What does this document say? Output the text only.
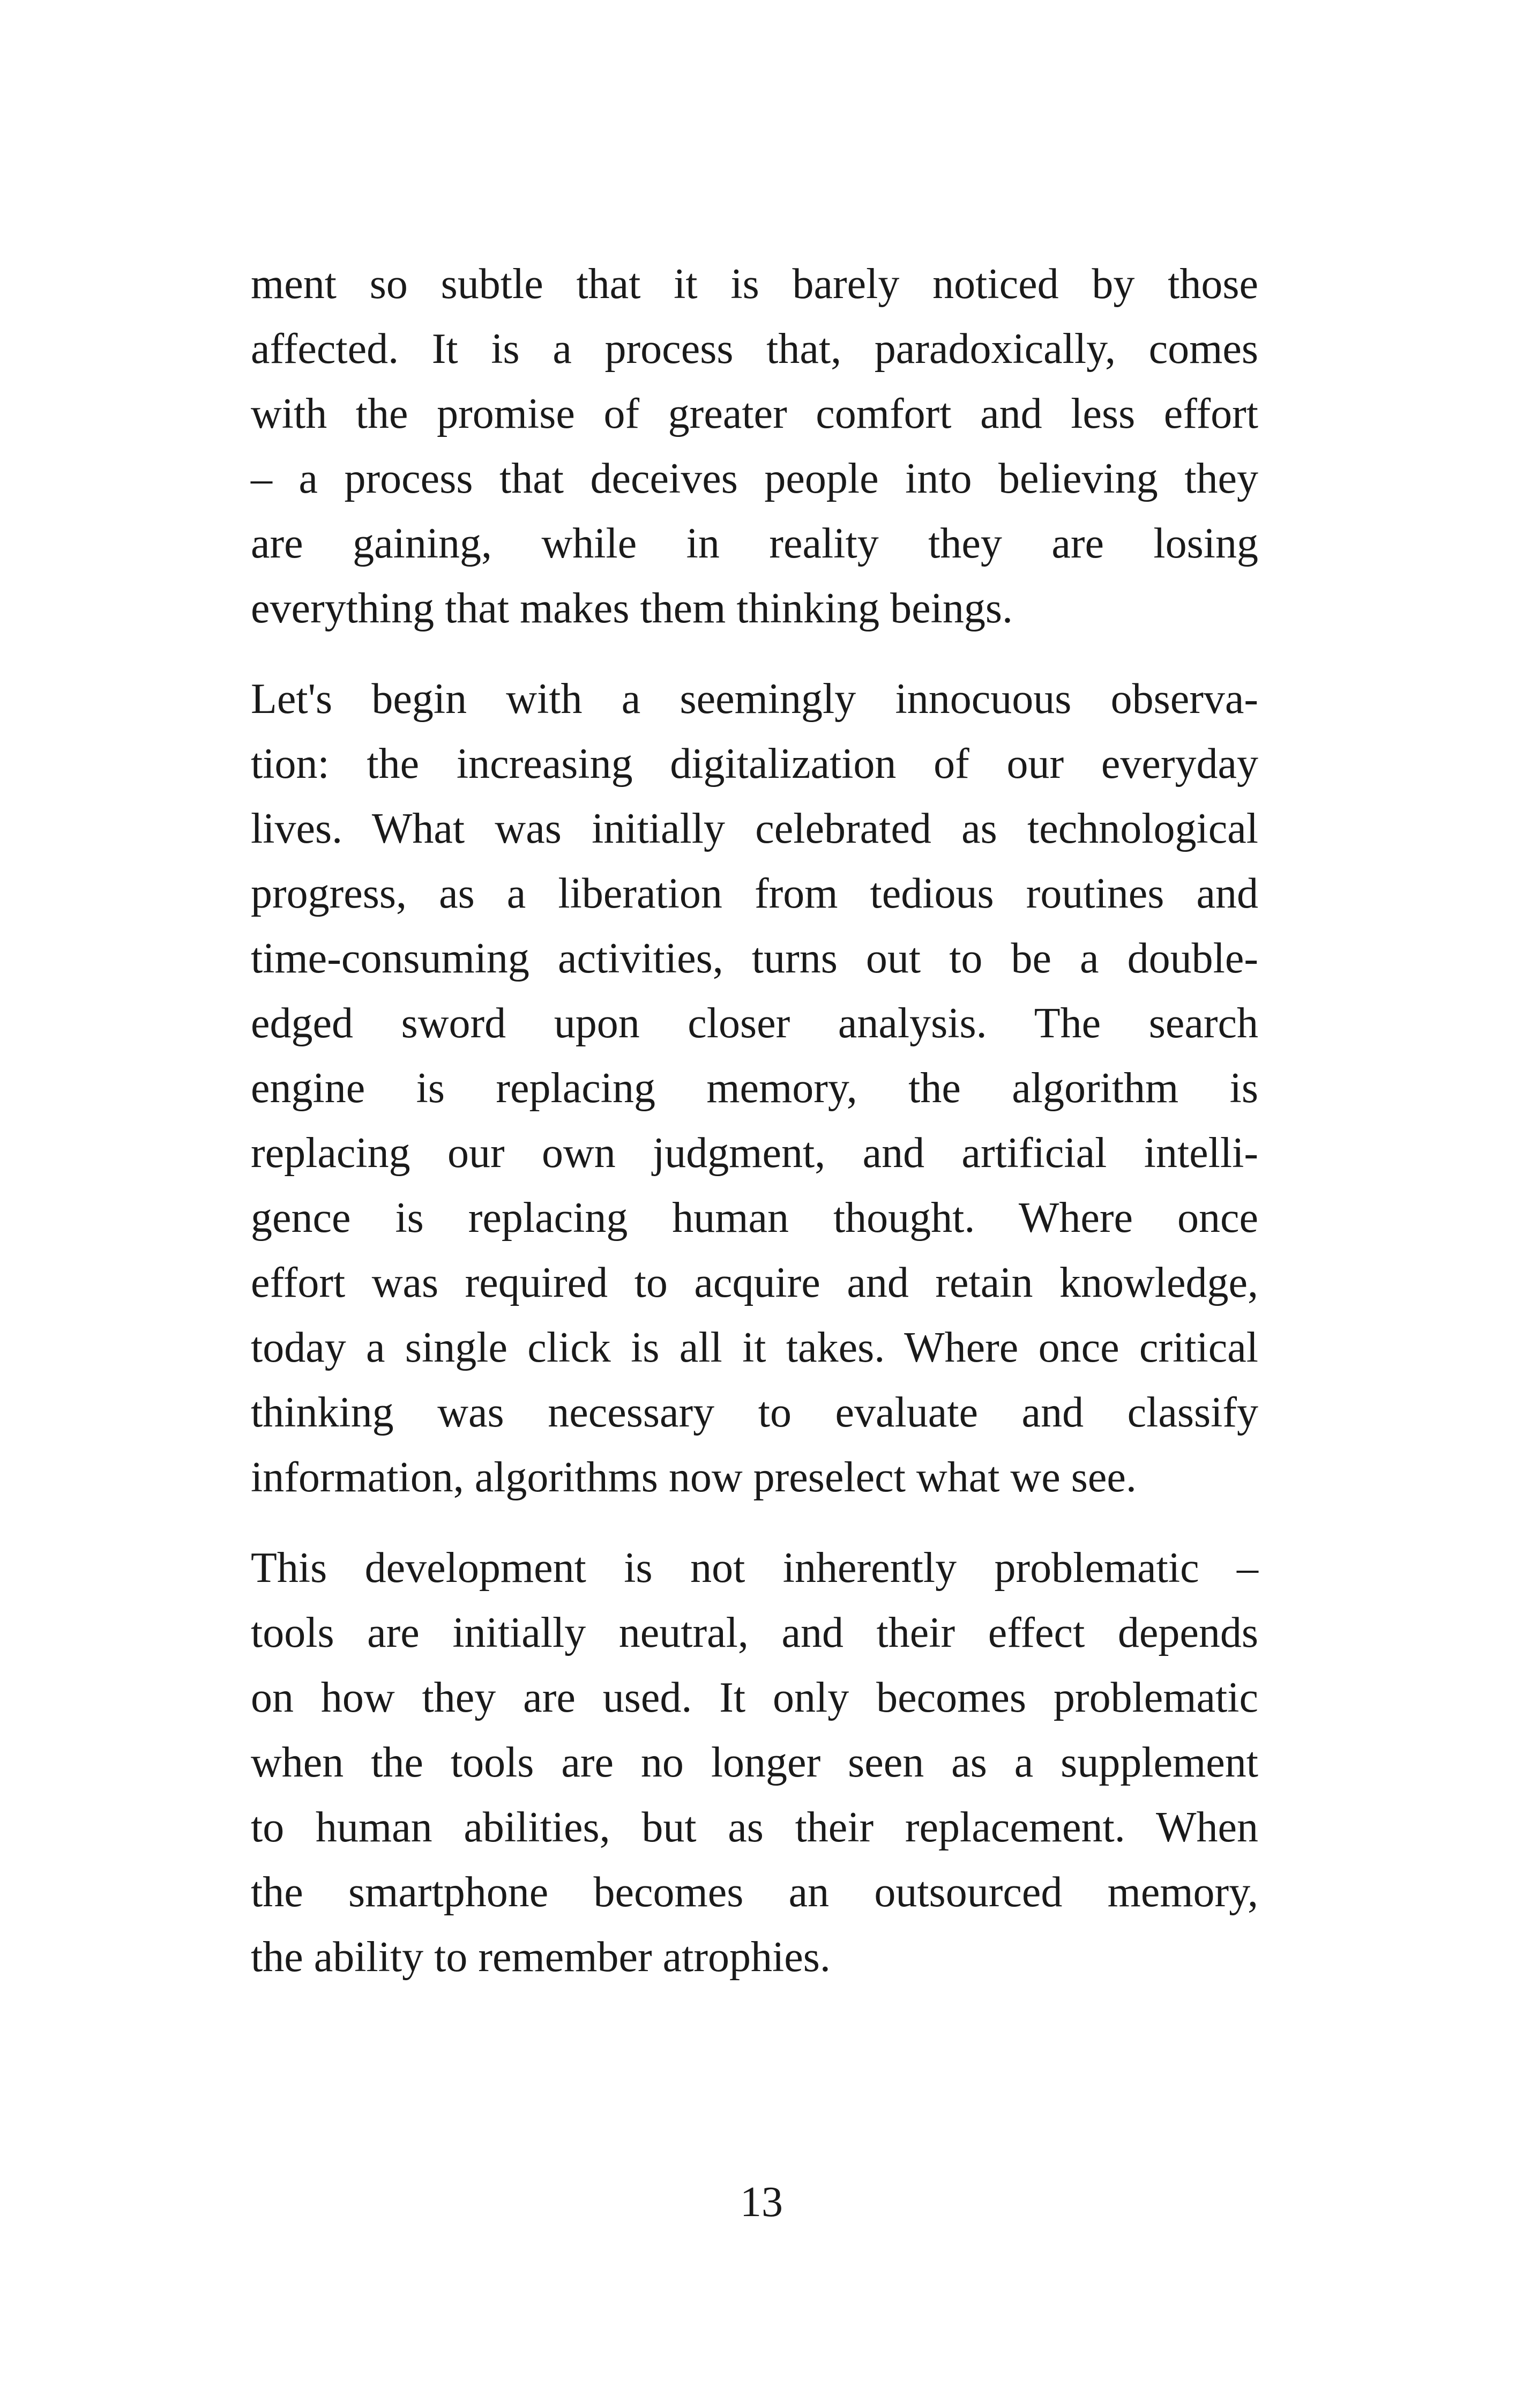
ment so subtle that it is barely noticed by those
affected. It is a process that, paradoxically, comes
with the promise of greater comfort and less effort
– a process that deceives people into believing they
are gaining, while in reality they are losing
everything that makes them thinking beings.

Let's begin with a seemingly innocuous observa-
tion: the increasing digitalization of our everyday
lives. What was initially celebrated as technological
progress, as a liberation from tedious routines and
time-consuming activities, turns out to be a double-
edged sword upon closer analysis. The search
engine is replacing memory, the algorithm is
replacing our own judgment, and artificial intelli-
gence is replacing human thought. Where once
effort was required to acquire and retain knowledge,
today a single click is all it takes. Where once critical
thinking was necessary to evaluate and classify
information, algorithms now preselect what we see.

This development is not inherently problematic –
tools are initially neutral, and their effect depends
on how they are used. It only becomes problematic
when the tools are no longer seen as a supplement
to human abilities, but as their replacement. When
the smartphone becomes an outsourced memory,
the ability to remember atrophies.

13
